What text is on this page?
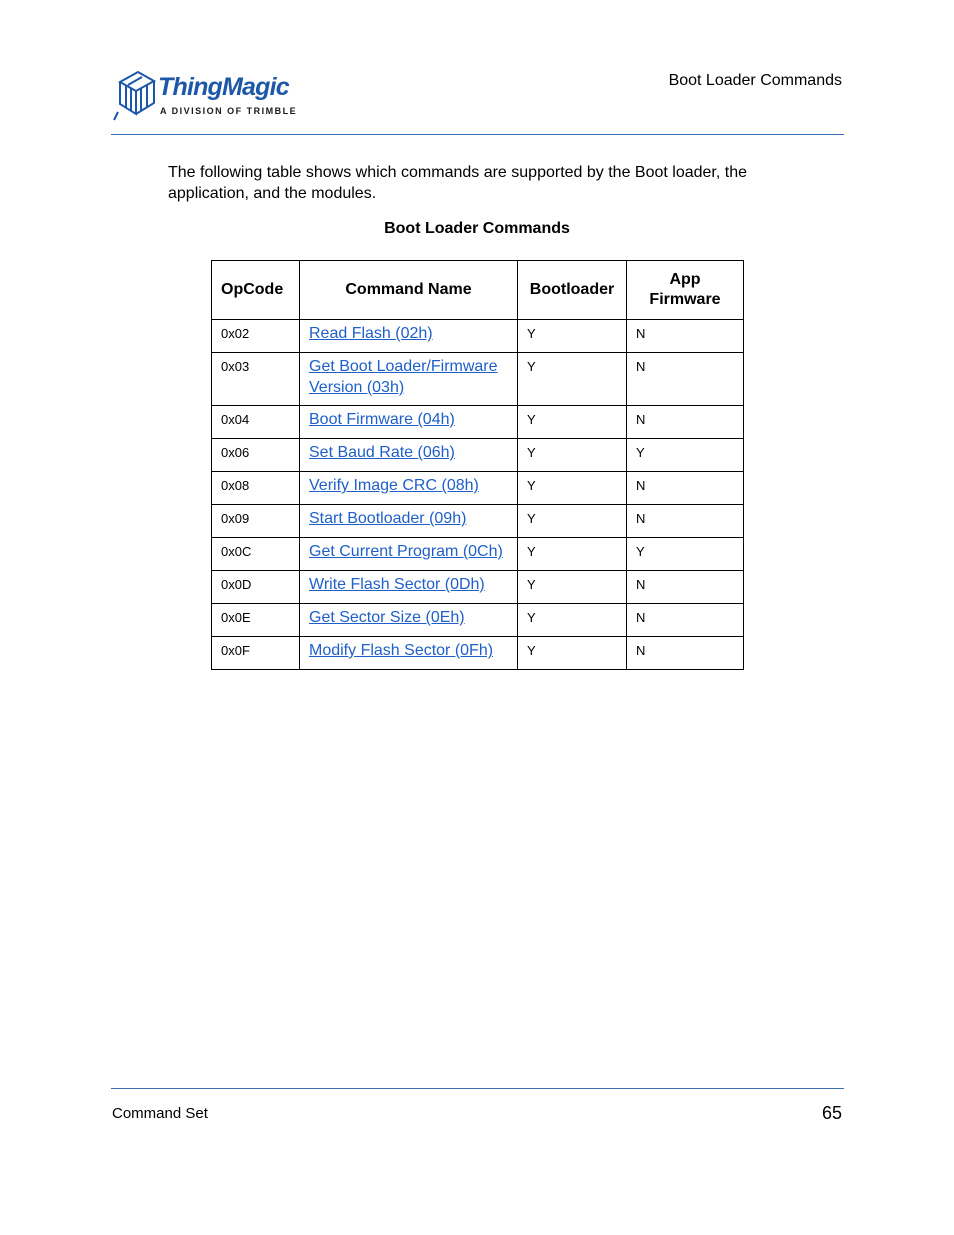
ThingMagic
A DIVISION OF TRIMBLE
Boot Loader Commands

The following table shows which commands are supported by the Boot loader, the application, and the modules.

Boot Loader Commands
OpCode	Command Name	Bootloader	App Firmware
0x02	Read Flash (02h)	Y	N
0x03	Get Boot Loader/Firmware Version (03h)	Y	N
0x04	Boot Firmware (04h)	Y	N
0x06	Set Baud Rate (06h)	Y	Y
0x08	Verify Image CRC (08h)	Y	N
0x09	Start Bootloader (09h)	Y	N
0x0C	Get Current Program (0Ch)	Y	Y
0x0D	Write Flash Sector (0Dh)	Y	N
0x0E	Get Sector Size (0Eh)	Y	N
0x0F	Modify Flash Sector (0Fh)	Y	N
Command Set	65
